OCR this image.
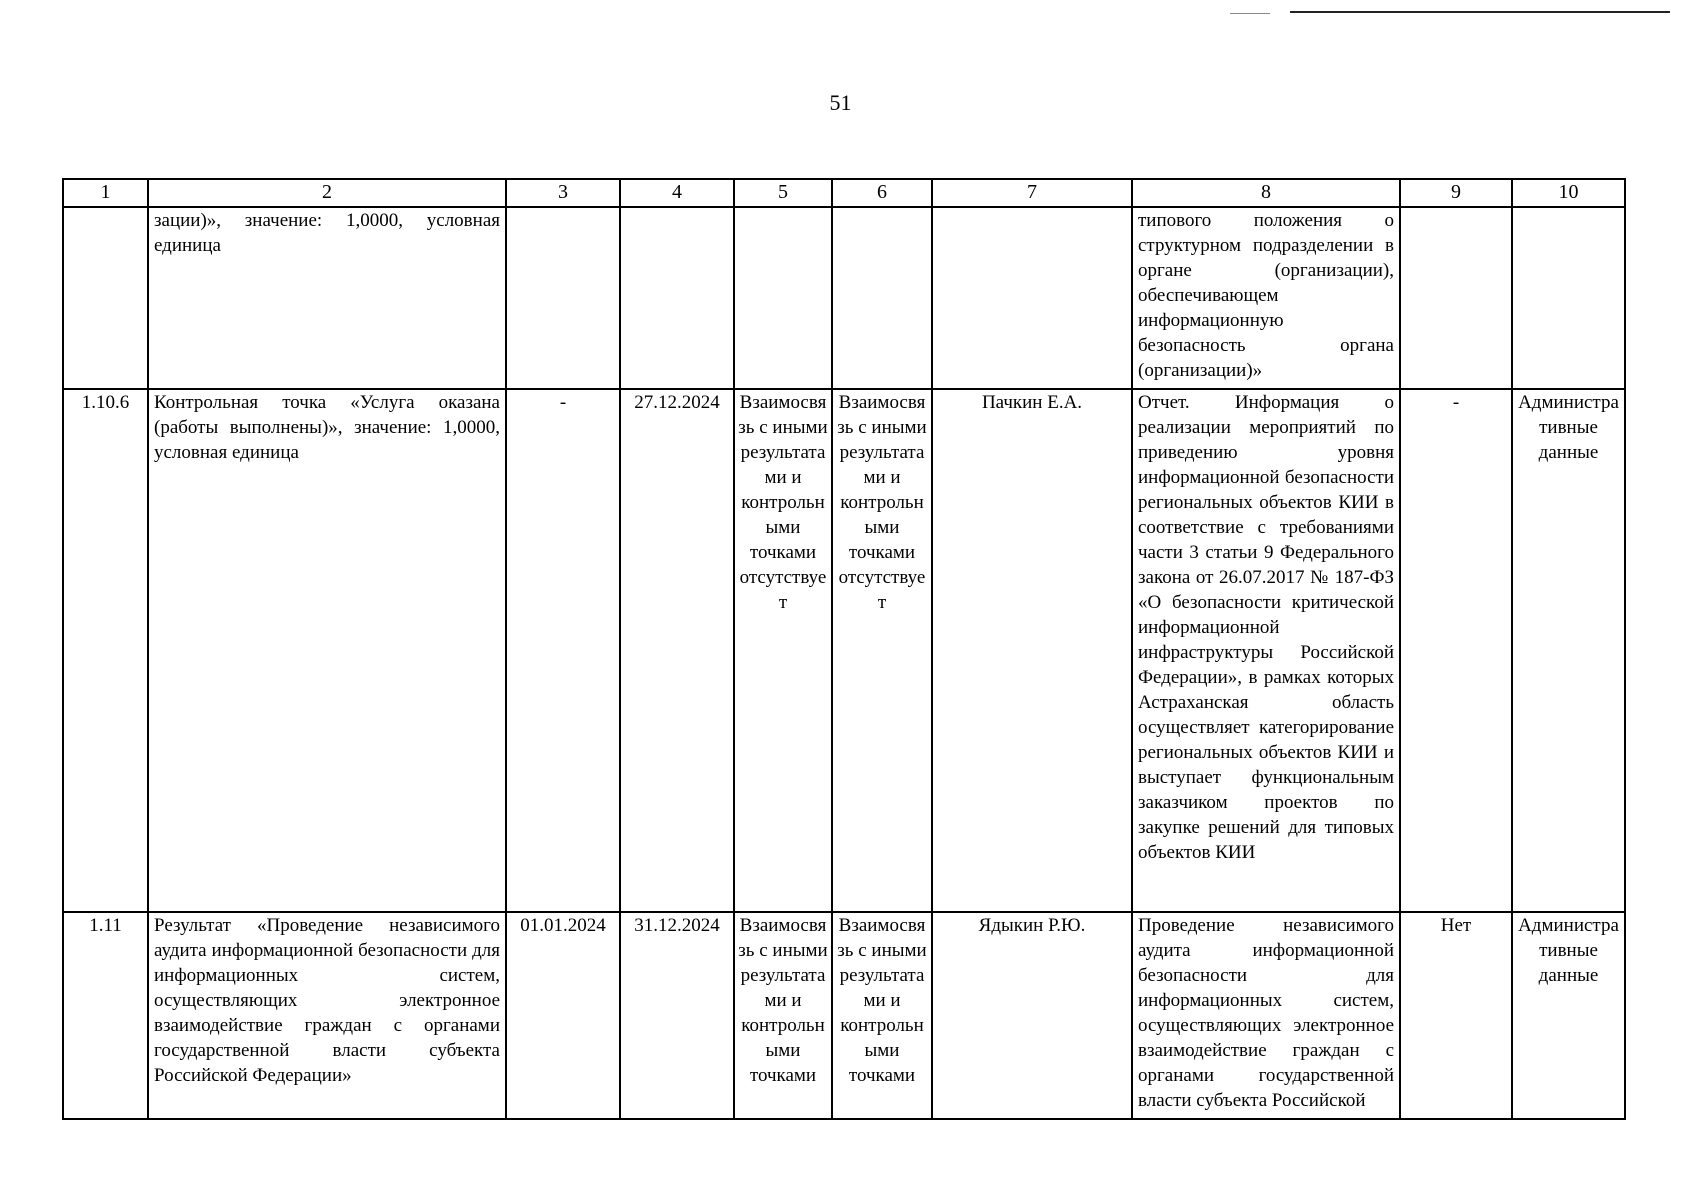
51
1	2	3	4	5	6	7	8	9	10
	зации)», значение: 1,0000, условная единица						типового положения о структурном подразделении в органе (организации), обеспечивающем информационную безопасность органа (организации)»		
1.10.6	Контрольная точка «Услуга оказана (работы выполнены)», значение: 1,0000, условная единица	-	27.12.2024	Взаимосвязь с иными результатами и контрольными точками отсутствует	Взаимосвязь с иными результатами и контрольными точками отсутствует	Пачкин Е.А.	Отчет. Информация о реализации мероприятий по приведению уровня информационной безопасности региональных объектов КИИ в соответствие с требованиями части 3 статьи 9 Федерального закона от 26.07.2017 № 187-ФЗ «О безопасности критической информационной инфраструктуры Российской Федерации», в рамках которых Астраханская область осуществляет категорирование региональных объектов КИИ и выступает функциональным заказчиком проектов по закупке решений для типовых объектов КИИ	-	Административные данные
1.11	Результат «Проведение независимого аудита информационной безопасности для информационных систем, осуществляющих электронное взаимодействие граждан с органами государственной власти субъекта Российской Федерации»	01.01.2024	31.12.2024	Взаимосвязь с иными результатами и контрольными точками	Взаимосвязь с иными результатами и контрольными точками	Ядыкин Р.Ю.	Проведение независимого аудита информационной безопасности для информационных систем, осуществляющих электронное взаимодействие граждан с органами государственной власти субъекта Российской	Нет	Административные данные
